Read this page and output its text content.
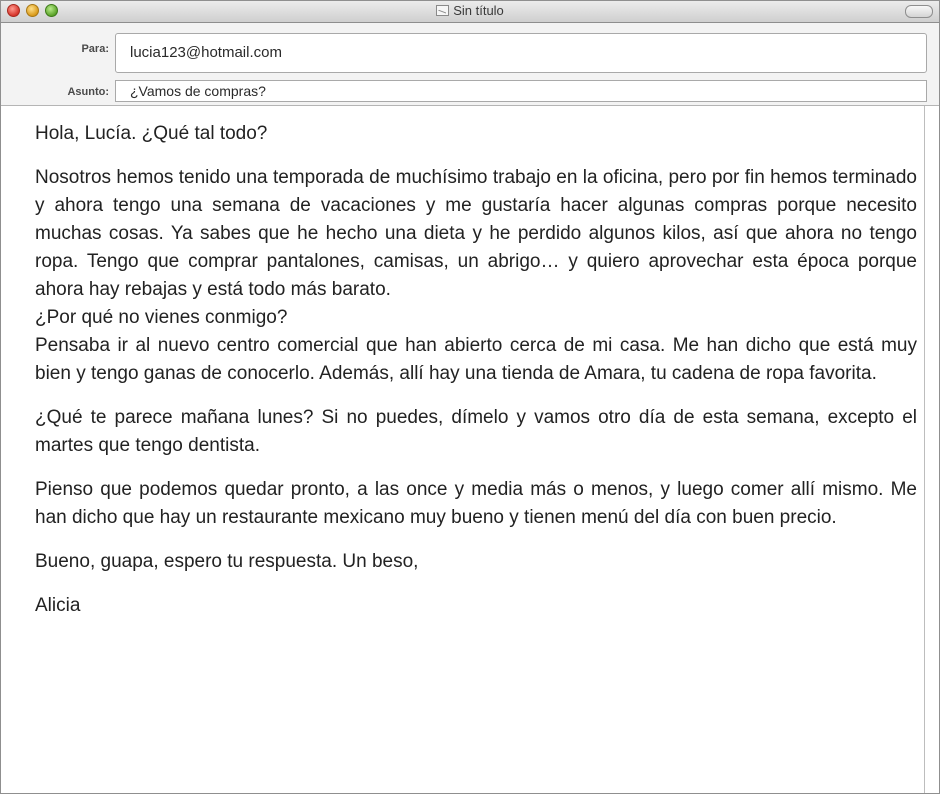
Sin título
Para:	lucia123@hotmail.com
Asunto:	¿Vamos de compras?

Hola, Lucía. ¿Qué tal todo?

Nosotros hemos tenido una temporada de muchísimo trabajo en la oficina, pero por fin hemos terminado y ahora tengo una semana de vacaciones y me gustaría hacer algunas compras porque necesito muchas cosas. Ya sabes que he hecho una dieta y he perdido algunos kilos, así que ahora no tengo ropa. Tengo que comprar pantalones, camisas, un abrigo… y quiero aprovechar esta época porque ahora hay rebajas y está todo más barato.

¿Por qué no vienes conmigo?

Pensaba ir al nuevo centro comercial que han abierto cerca de mi casa. Me han dicho que está muy bien y tengo ganas de conocerlo. Además, allí hay una tienda de Amara, tu cadena de ropa favorita.

¿Qué te parece mañana lunes? Si no puedes, dímelo y vamos otro día de esta semana, excepto el martes que tengo dentista.

Pienso que podemos quedar pronto, a las once y media más o menos, y luego comer allí mismo. Me han dicho que hay un restaurante mexicano muy bueno y tienen menú del día con buen precio.

Bueno, guapa, espero tu respuesta. Un beso,

Alicia
